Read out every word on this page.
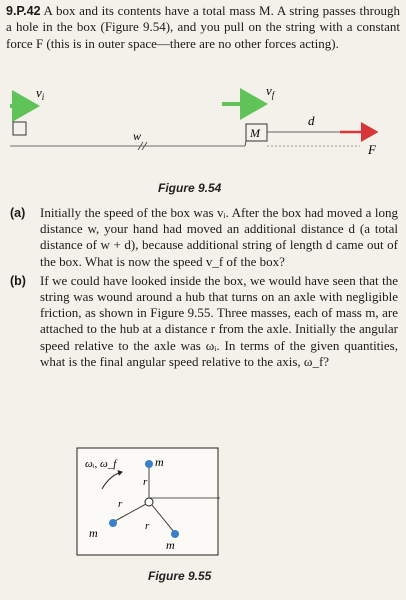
9.P.42 A box and its contents have a total mass M. A string passes through a hole in the box (Figure 9.54), and you pull on the string with a constant force F (this is in outer space—there are no other forces acting).
$v_i$
w
$v_f$
M
d
F
Figure 9.54
(a)	Initially the speed of the box was vᵢ. After the box had moved a long distance w, your hand had moved an additional distance d (a total distance of w + d), because additional string of length d came out of the box. What is now the speed v_f of the box?
(b)	If we could have looked inside the box, we would have seen that the string was wound around a hub that turns on an axle with negligible friction, as shown in Figure 9.55. Three masses, each of mass m, are attached to the hub at a distance r from the axle. Initially the angular speed relative to the axle was ωᵢ. In terms of the given quantities, what is the final angular speed relative to the axis, ω_f?
m
m
m
r
r
r
ωᵢ, ω_f
Figure 9.55
